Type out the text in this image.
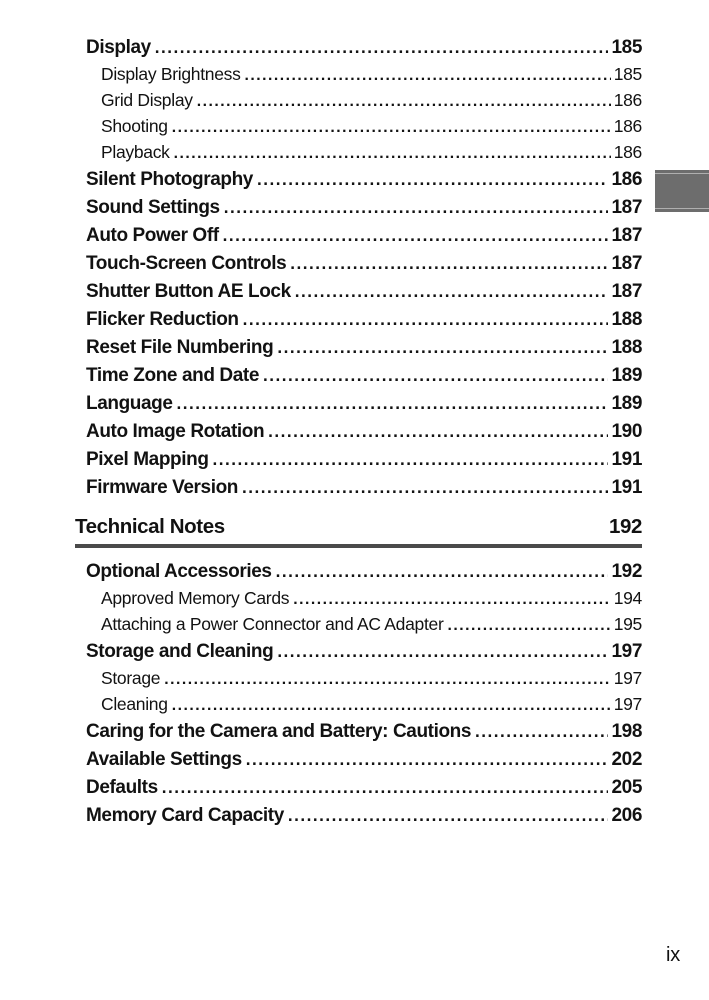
Display .....	185
Display Brightness .....	185
Grid Display .....	186
Shooting .....	186
Playback .....	186
Silent Photography .....	186
Sound Settings .....	187
Auto Power Off .....	187
Touch-Screen Controls .....	187
Shutter Button AE Lock .....	187
Flicker Reduction .....	188
Reset File Numbering .....	188
Time Zone and Date .....	189
Language .....	189
Auto Image Rotation .....	190
Pixel Mapping .....	191
Firmware Version .....	191
Technical Notes	192
Optional Accessories .....	192
Approved Memory Cards .....	194
Attaching a Power Connector and AC Adapter .....	195
Storage and Cleaning .....	197
Storage .....	197
Cleaning .....	197
Caring for the Camera and Battery: Cautions .....	198
Available Settings .....	202
Defaults .....	205
Memory Card Capacity .....	206
ix
